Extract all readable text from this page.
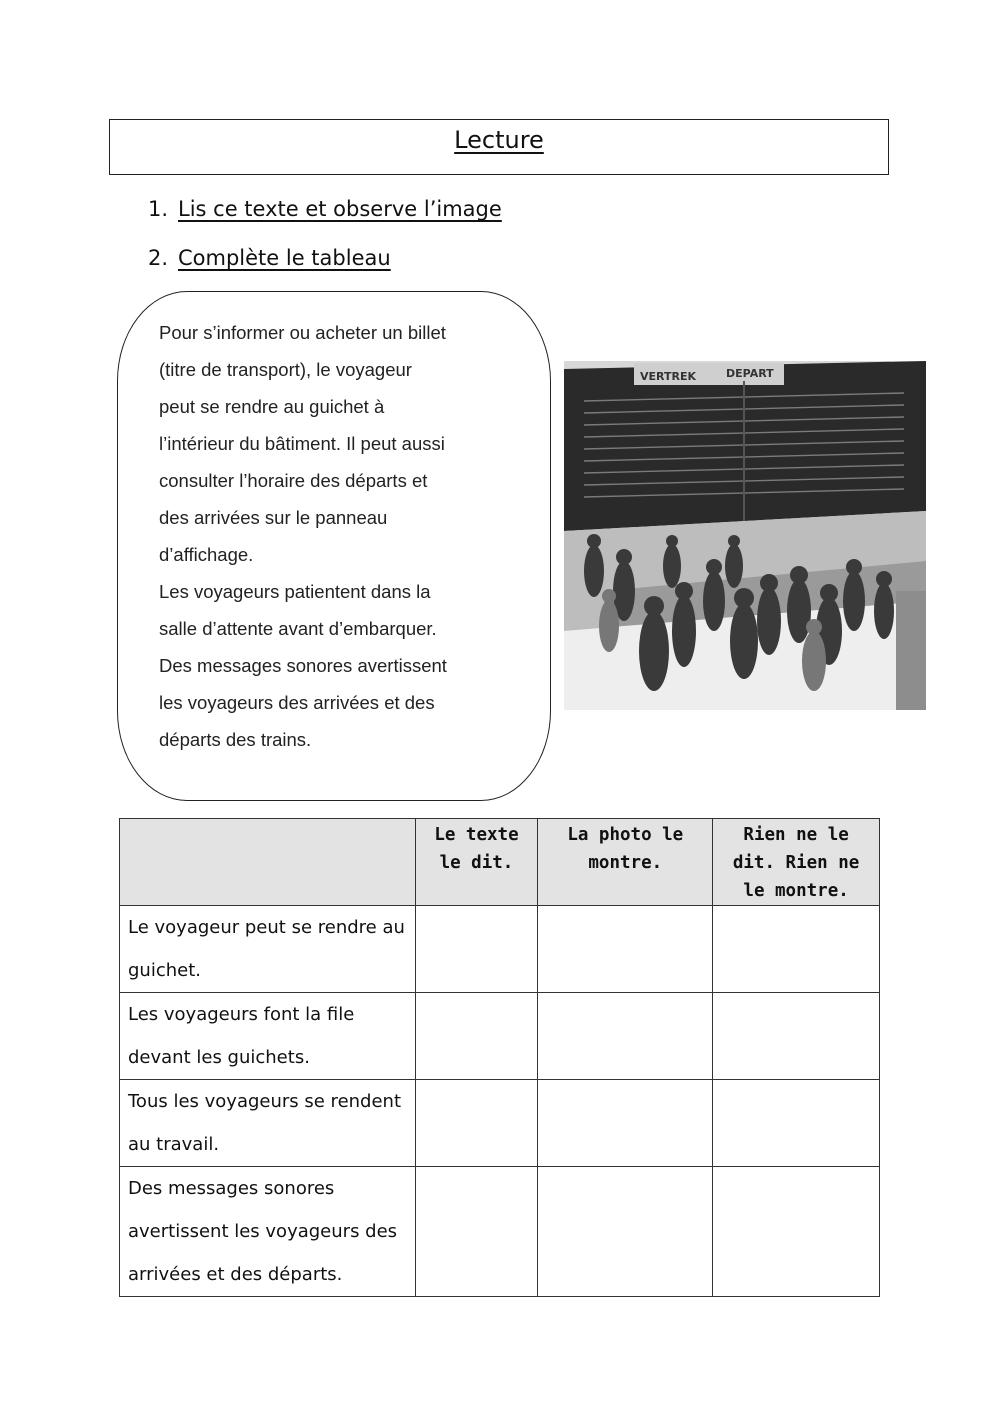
Lecture
1. Lis ce texte et observe l’image
2. Complète le tableau
Pour s’informer ou acheter un billet
(titre de transport), le voyageur
peut se rendre au guichet à
l’intérieur du bâtiment. Il peut aussi
consulter l’horaire des départs et
des arrivées sur le panneau
d’affichage.
Les voyageurs patientent dans la
salle d’attente avant d’embarquer.
Des messages sonores avertissent
les voyageurs des arrivées et des
départs des trains.
VERTREK	DEPART
	Le texte le dit.	La photo le montre.	Rien ne le dit. Rien ne le montre.
Le voyageur peut se rendre au guichet.			
Les voyageurs font la file devant les guichets.			
Tous les voyageurs se rendent au travail.			
Des messages sonores avertissent les voyageurs des arrivées et des départs.			
